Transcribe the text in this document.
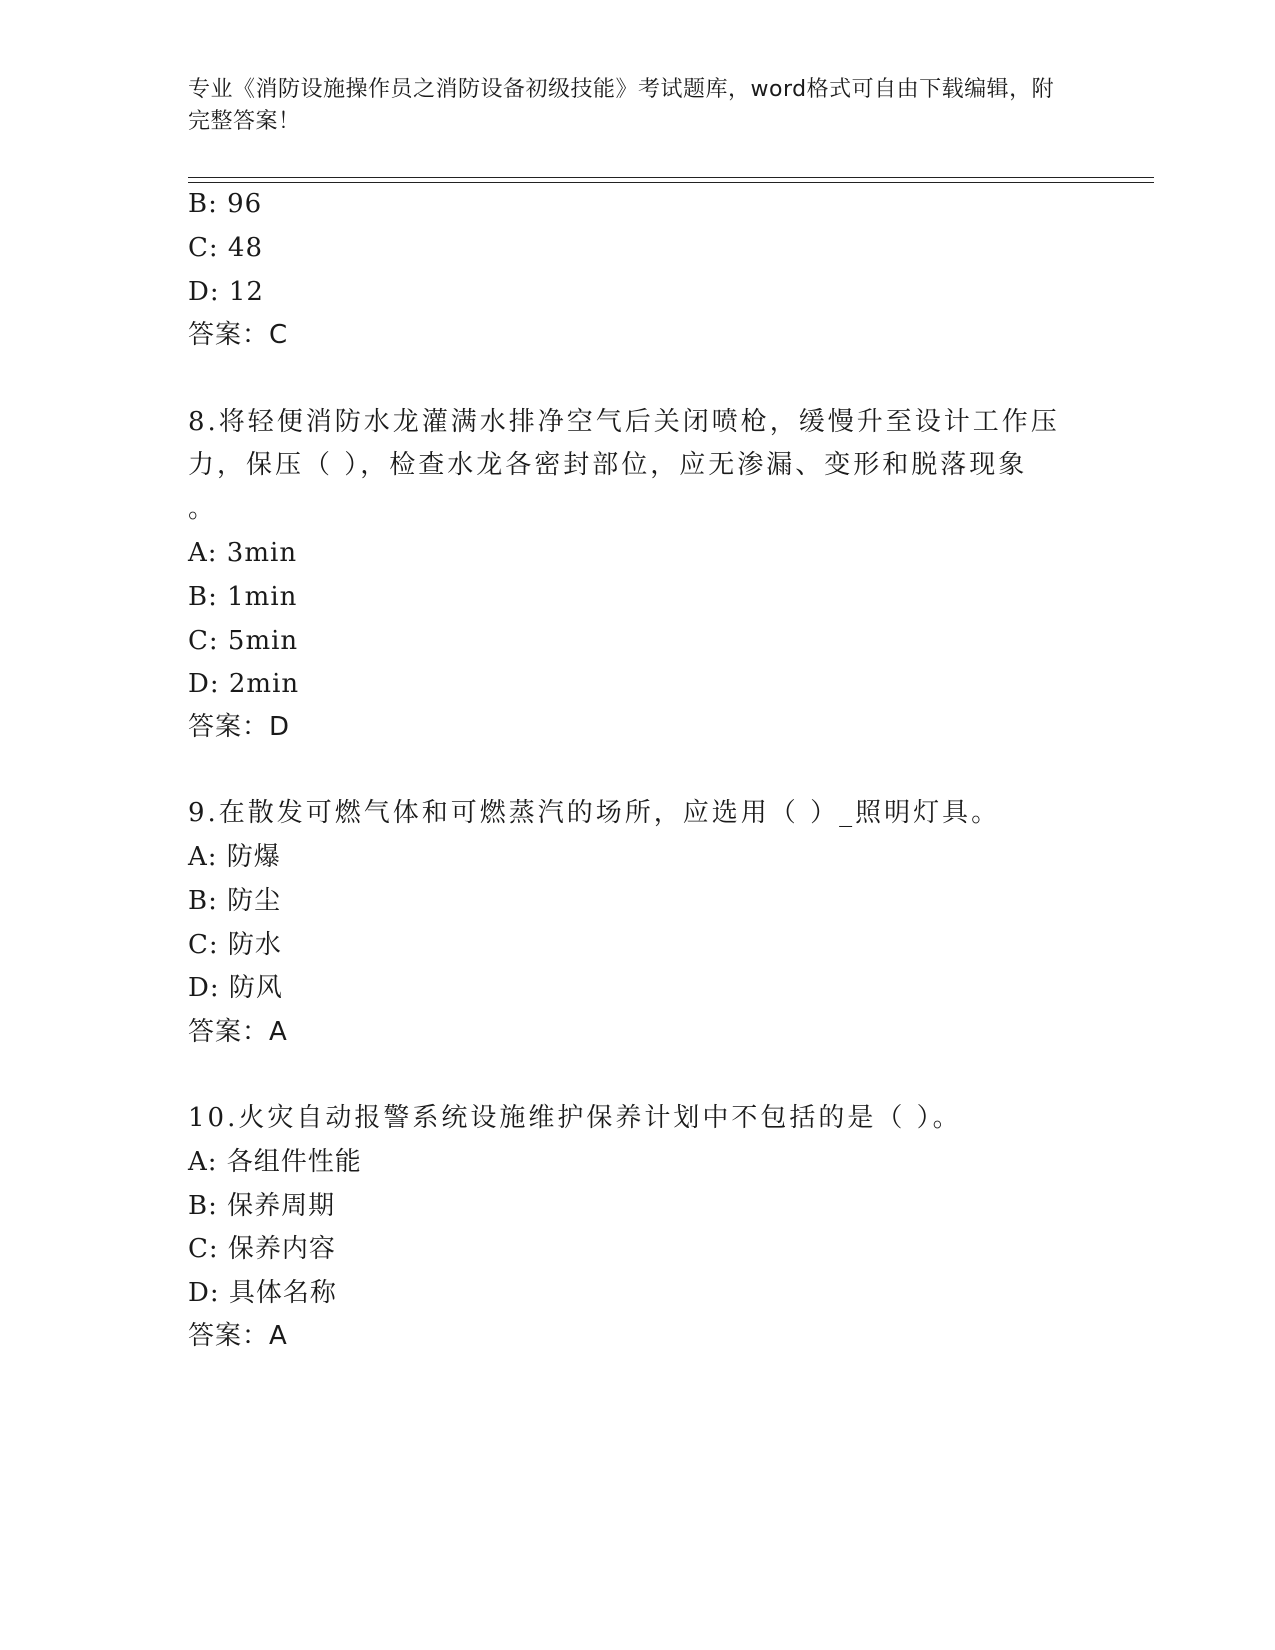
专业《消防设施操作员之消防设备初级技能》考试题库，word格式可自由下载编辑，附完整答案！
B: 96
C: 48
D: 12
答案：C
8.将轻便消防水龙灌满水排净空气后关闭喷枪，缓慢升至设计工作压
力，保压（ ），检查水龙各密封部位，应无渗漏、变形和脱落现象
。
A: 3min
B: 1min
C: 5min
D: 2min
答案：D
9.在散发可燃气体和可燃蒸汽的场所，应选用（ ）_照明灯具。
A: 防爆
B: 防尘
C: 防水
D: 防风
答案：A
10.火灾自动报警系统设施维护保养计划中不包括的是（ ）。
A: 各组件性能
B: 保养周期
C: 保养内容
D: 具体名称
答案：A
